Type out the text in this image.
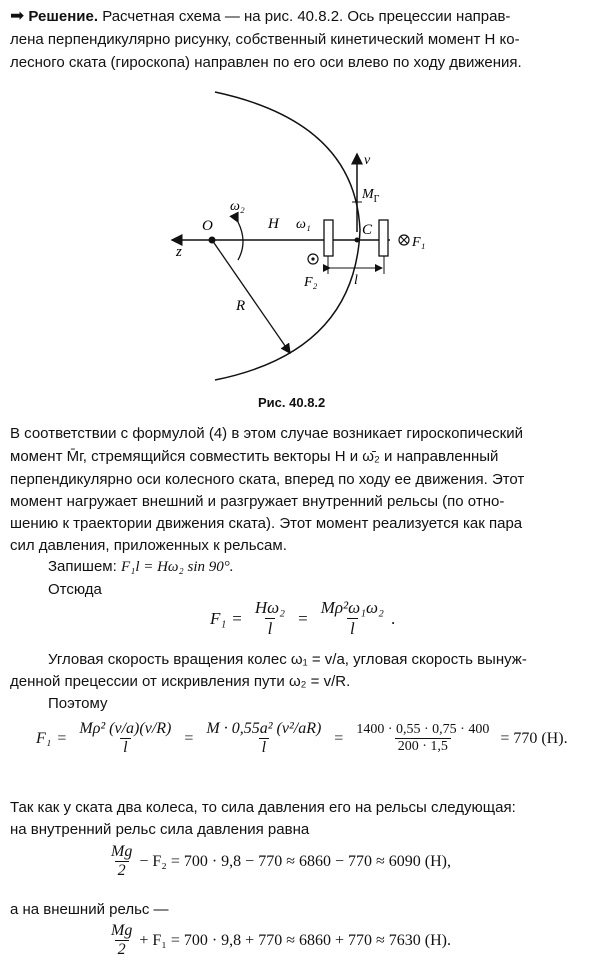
➡ Решение. Расчетная схема — на рис. 40.8.2. Ось прецессии направ-
лена перпендикулярно рисунку, собственный кинетический момент H ко-
лесного ската (гироскопа) направлен по его оси влево по ходу движения.
O
z
ω₂
H ω₁	C
v
$M_Г$
F₁
F₂	l
R
Рис. 40.8.2
В соответствии с формулой (4) в этом случае возникает гироскопический
момент M̄г, стремящийся совместить векторы H и ω̄₂ и направленный
перпендикулярно оси колесного ската, вперед по ходу ее движения. Этот
момент нагружает внешний и разгружает внутренний рельсы (по отно-
шению к траектории движения ската). Этот момент реализуется как пара
сил давления, приложенных к рельсам.
Запишем: F₁l = Hω₂ sin 90°.
Отсюда
$F_1 = \frac{\text{Hω₂}}{l} = \frac{\text{Mρ²ω₁ω₂}}{l}$ .
Угловая скорость вращения колес ω₁ = v/a, угловая скорость вынуж-
денной прецессии от искривления пути ω₂ = v/R.
Поэтому
$F_1 = \frac{\text{Mρ² (v/a)(v/R)}}{l} = \frac{\text{M · 0,55a² (v²/aR)}}{l} = \frac{1400 \cdot 0,55 \cdot 0,75 \cdot 400}{200 \cdot 1,5} = 770$ (Н).
Так как у ската два колеса, то сила давления его на рельсы следующая:
на внутренний рельс сила давления равна
$\frac{Mg}{2} - F_2 = 700 \cdot 9,8 - 770 \approx 6860 - 770 \approx 6090$ (Н),
а на внешний рельс —
$\frac{Mg}{2} + F_1 = 700 \cdot 9,8 + 770 \approx 6860 + 770 \approx 7630$ (Н).
